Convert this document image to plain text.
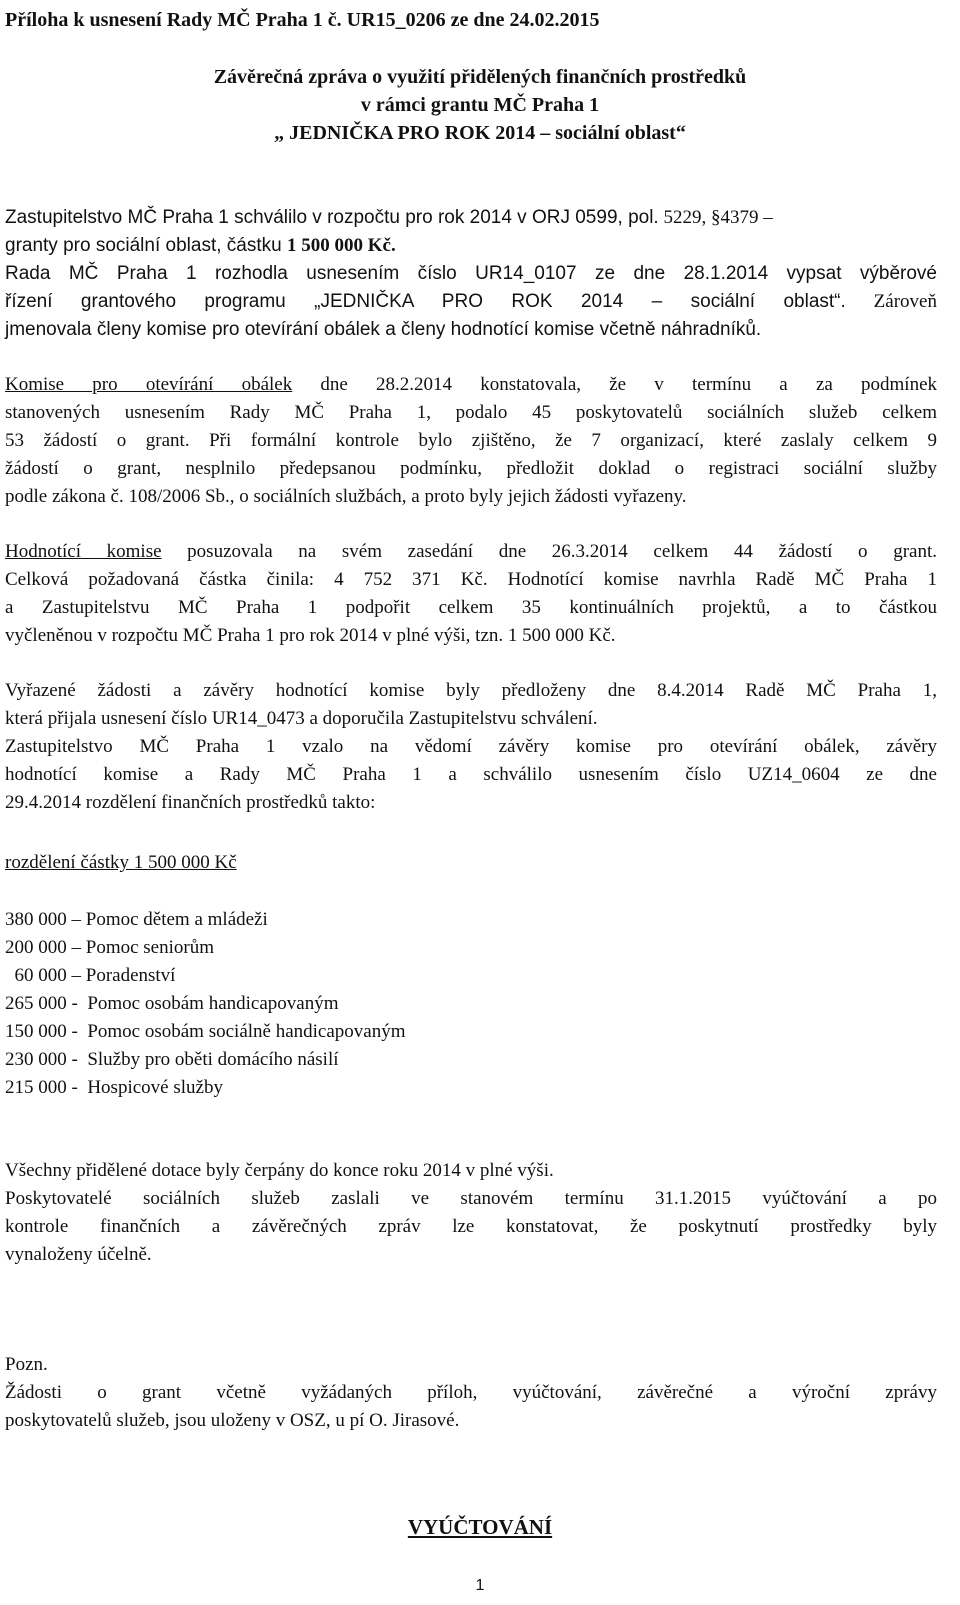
Příloha k usnesení Rady MČ Praha 1 č. UR15_0206 ze dne 24.02.2015
Závěrečná zpráva o využití přidělených finančních prostředků
v rámci grantu MČ Praha 1
„ JEDNIČKA PRO ROK 2014 – sociální oblast“
Zastupitelstvo MČ Praha 1 schválilo v rozpočtu pro rok 2014 v ORJ 0599, pol. 5229, §4379 –
granty pro sociální oblast, částku 1 500 000 Kč.
Rada MČ Praha 1 rozhodla usnesením číslo UR14_0107 ze dne 28.1.2014 vypsat výběrové
řízení grantového programu „JEDNIČKA PRO ROK 2014 – sociální oblast“. Zároveň
jmenovala členy komise pro otevírání obálek a členy hodnotící komise včetně náhradníků.
Komise pro otevírání obálek dne 28.2.2014 konstatovala, že v termínu a za podmínek
stanovených usnesením Rady MČ Praha 1, podalo 45 poskytovatelů sociálních služeb celkem
53 žádostí o grant. Při formální kontrole bylo zjištěno, že 7 organizací, které zaslaly celkem 9
žádostí o grant, nesplnilo předepsanou podmínku, předložit doklad o registraci sociální služby
podle zákona č. 108/2006 Sb., o sociálních službách, a proto byly jejich žádosti vyřazeny.
Hodnotící komise posuzovala na svém zasedání dne 26.3.2014 celkem 44 žádostí o grant.
Celková požadovaná částka činila: 4 752 371 Kč. Hodnotící komise navrhla Radě MČ Praha 1
a Zastupitelstvu MČ Praha 1 podpořit celkem 35 kontinuálních projektů, a to částkou
vyčleněnou v rozpočtu MČ Praha 1 pro rok 2014 v plné výši, tzn. 1 500 000 Kč.
Vyřazené žádosti a závěry hodnotící komise byly předloženy dne 8.4.2014 Radě MČ Praha 1,
která přijala usnesení číslo UR14_0473 a doporučila Zastupitelstvu schválení.
Zastupitelstvo MČ Praha 1 vzalo na vědomí závěry komise pro otevírání obálek, závěry
hodnotící komise a Rady MČ Praha 1 a schválilo usnesením číslo UZ14_0604 ze dne
29.4.2014 rozdělení finančních prostředků takto:
rozdělení částky 1 500 000 Kč
380 000 – Pomoc dětem a mládeži
200 000 – Pomoc seniorům
60 000 – Poradenství
265 000 -  Pomoc osobám handicapovaným
150 000 -  Pomoc osobám sociálně handicapovaným
230 000 -  Služby pro oběti domácího násilí
215 000 -  Hospicové služby
Všechny přidělené dotace byly čerpány do konce roku 2014 v plné výši.
Poskytovatelé sociálních služeb zaslali ve stanovém termínu 31.1.2015 vyúčtování a po
kontrole finančních a závěrečných zpráv lze konstatovat, že poskytnutí prostředky byly
vynaloženy účelně.
Pozn.
Žádosti o grant včetně vyžádaných příloh, vyúčtování, závěrečné a výroční zprávy
poskytovatelů služeb, jsou uloženy v OSZ, u pí O. Jirasové.
VYÚČTOVÁNÍ
1
